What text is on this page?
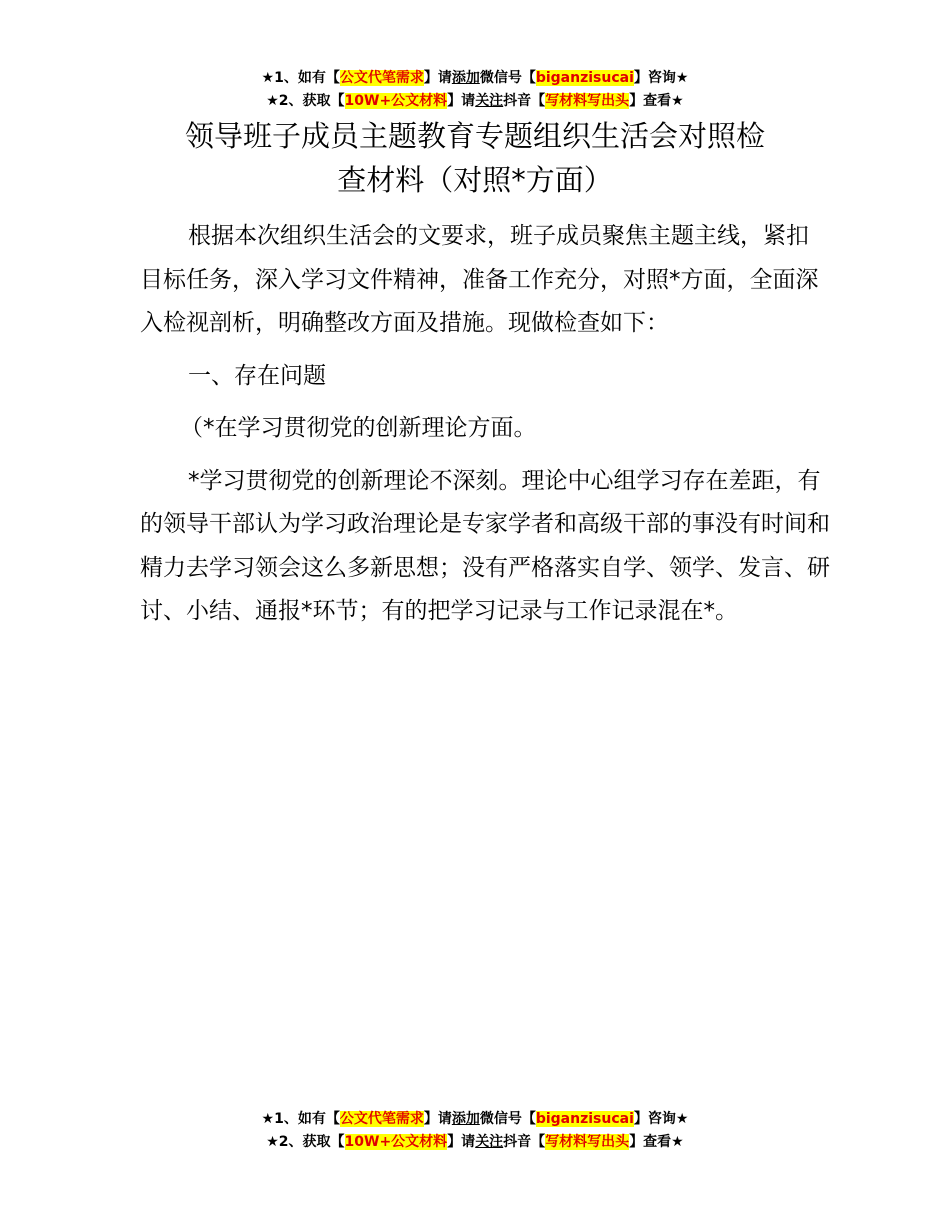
★1、如有【公文代笔需求】请添加微信号【biganzisucai】咨询★
★2、获取【10W+公文材料】请关注抖音【写材料写出头】查看★
领导班子成员主题教育专题组织生活会对照检
查材料（对照*方面）

根据本次组织生活会的文要求，班子成员聚焦主题主线，紧扣目标任务，深入学习文件精神，准备工作充分，对照*方面，全面深入检视剖析，明确整改方面及措施。现做检查如下：

一、存在问题

（*在学习贯彻党的创新理论方面。

*学习贯彻党的创新理论不深刻。理论中心组学习存在差距，有的领导干部认为学习政治理论是专家学者和高级干部的事没有时间和精力去学习领会这么多新思想；没有严格落实自学、领学、发言、研讨、小结、通报*环节；有的把学习记录与工作记录混在*。

★1、如有【公文代笔需求】请添加微信号【biganzisucai】咨询★
★2、获取【10W+公文材料】请关注抖音【写材料写出头】查看★
